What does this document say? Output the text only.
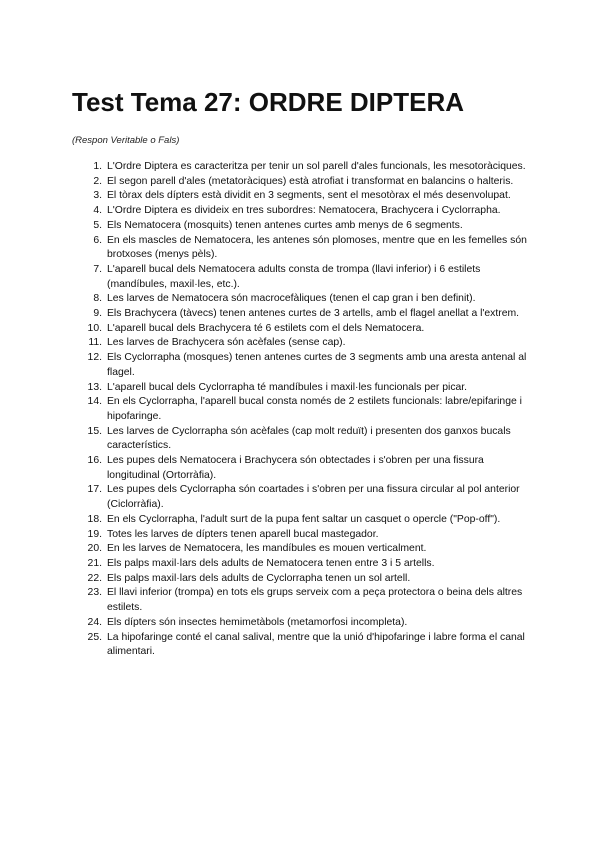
Test Tema 27: ORDRE DIPTERA
(Respon Veritable o Fals)
1. L'Ordre Diptera es caracteritza per tenir un sol parell d'ales funcionals, les mesotoràciques.
2. El segon parell d'ales (metatoràciques) està atrofiat i transformat en balancins o halteris.
3. El tòrax dels dípters està dividit en 3 segments, sent el mesotòrax el més desenvolupat.
4. L'Ordre Diptera es divideix en tres subordres: Nematocera, Brachycera i Cyclorrapha.
5. Els Nematocera (mosquits) tenen antenes curtes amb menys de 6 segments.
6. En els mascles de Nematocera, les antenes són plomoses, mentre que en les femelles són brotxoses (menys pèls).
7. L'aparell bucal dels Nematocera adults consta de trompa (llavi inferior) i 6 estilets (mandíbules, maxil·les, etc.).
8. Les larves de Nematocera són macrocefàliques (tenen el cap gran i ben definit).
9. Els Brachycera (tàvecs) tenen antenes curtes de 3 artells, amb el flagel anellat a l'extrem.
10. L'aparell bucal dels Brachycera té 6 estilets com el dels Nematocera.
11. Les larves de Brachycera són acèfales (sense cap).
12. Els Cyclorrapha (mosques) tenen antenes curtes de 3 segments amb una aresta antenal al flagel.
13. L'aparell bucal dels Cyclorrapha té mandíbules i maxil·les funcionals per picar.
14. En els Cyclorrapha, l'aparell bucal consta només de 2 estilets funcionals: labre/epifaringe i hipofaringe.
15. Les larves de Cyclorrapha són acèfales (cap molt reduït) i presenten dos ganxos bucals característics.
16. Les pupes dels Nematocera i Brachycera són obtectades i s'obren per una fissura longitudinal (Ortorràfia).
17. Les pupes dels Cyclorrapha són coartades i s'obren per una fissura circular al pol anterior (Ciclorràfia).
18. En els Cyclorrapha, l'adult surt de la pupa fent saltar un casquet o opercle ("Pop-off").
19. Totes les larves de dípters tenen aparell bucal mastegador.
20. En les larves de Nematocera, les mandíbules es mouen verticalment.
21. Els palps maxil·lars dels adults de Nematocera tenen entre 3 i 5 artells.
22. Els palps maxil·lars dels adults de Cyclorrapha tenen un sol artell.
23. El llavi inferior (trompa) en tots els grups serveix com a peça protectora o beina dels altres estilets.
24. Els dípters són insectes hemimetàbols (metamorfosi incompleta).
25. La hipofaringe conté el canal salival, mentre que la unió d'hipofaringe i labre forma el canal alimentari.
